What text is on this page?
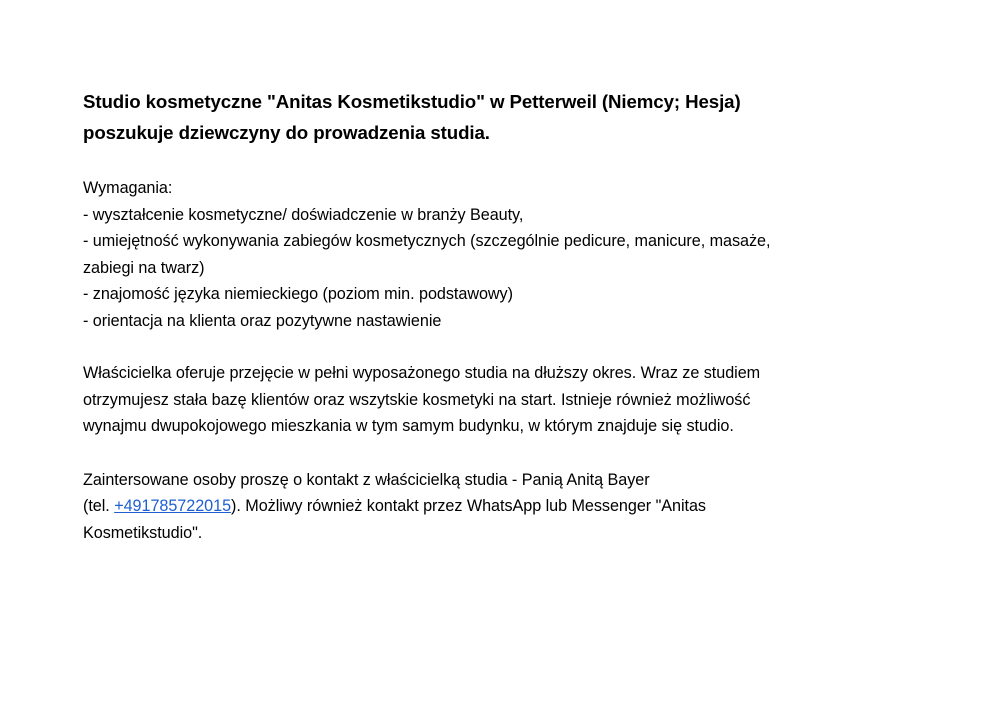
Studio kosmetyczne "Anitas Kosmetikstudio" w Petterweil (Niemcy; Hesja)
poszukuje dziewczyny do prowadzenia studia.
Wymagania:
- wyształcenie kosmetyczne/ doświadczenie w branży Beauty,
- umiejętność wykonywania zabiegów kosmetycznych (szczególnie pedicure, manicure, masaże,
zabiegi na twarz)
- znajomość języka niemieckiego (poziom min. podstawowy)
- orientacja na klienta oraz pozytywne nastawienie
Właścicielka oferuje przejęcie w pełni wyposażonego studia na dłuższy okres. Wraz ze studiem
otrzymujesz stała bazę klientów oraz wszytskie kosmetyki na start. Istnieje również możliwość
wynajmu dwupokojowego mieszkania w tym samym budynku, w którym znajduje się studio.
Zaintersowane osoby proszę o kontakt z właścicielką studia - Panią Anitą Bayer
(tel. +491785722015). Możliwy również kontakt przez WhatsApp lub Messenger "Anitas
Kosmetikstudio".
